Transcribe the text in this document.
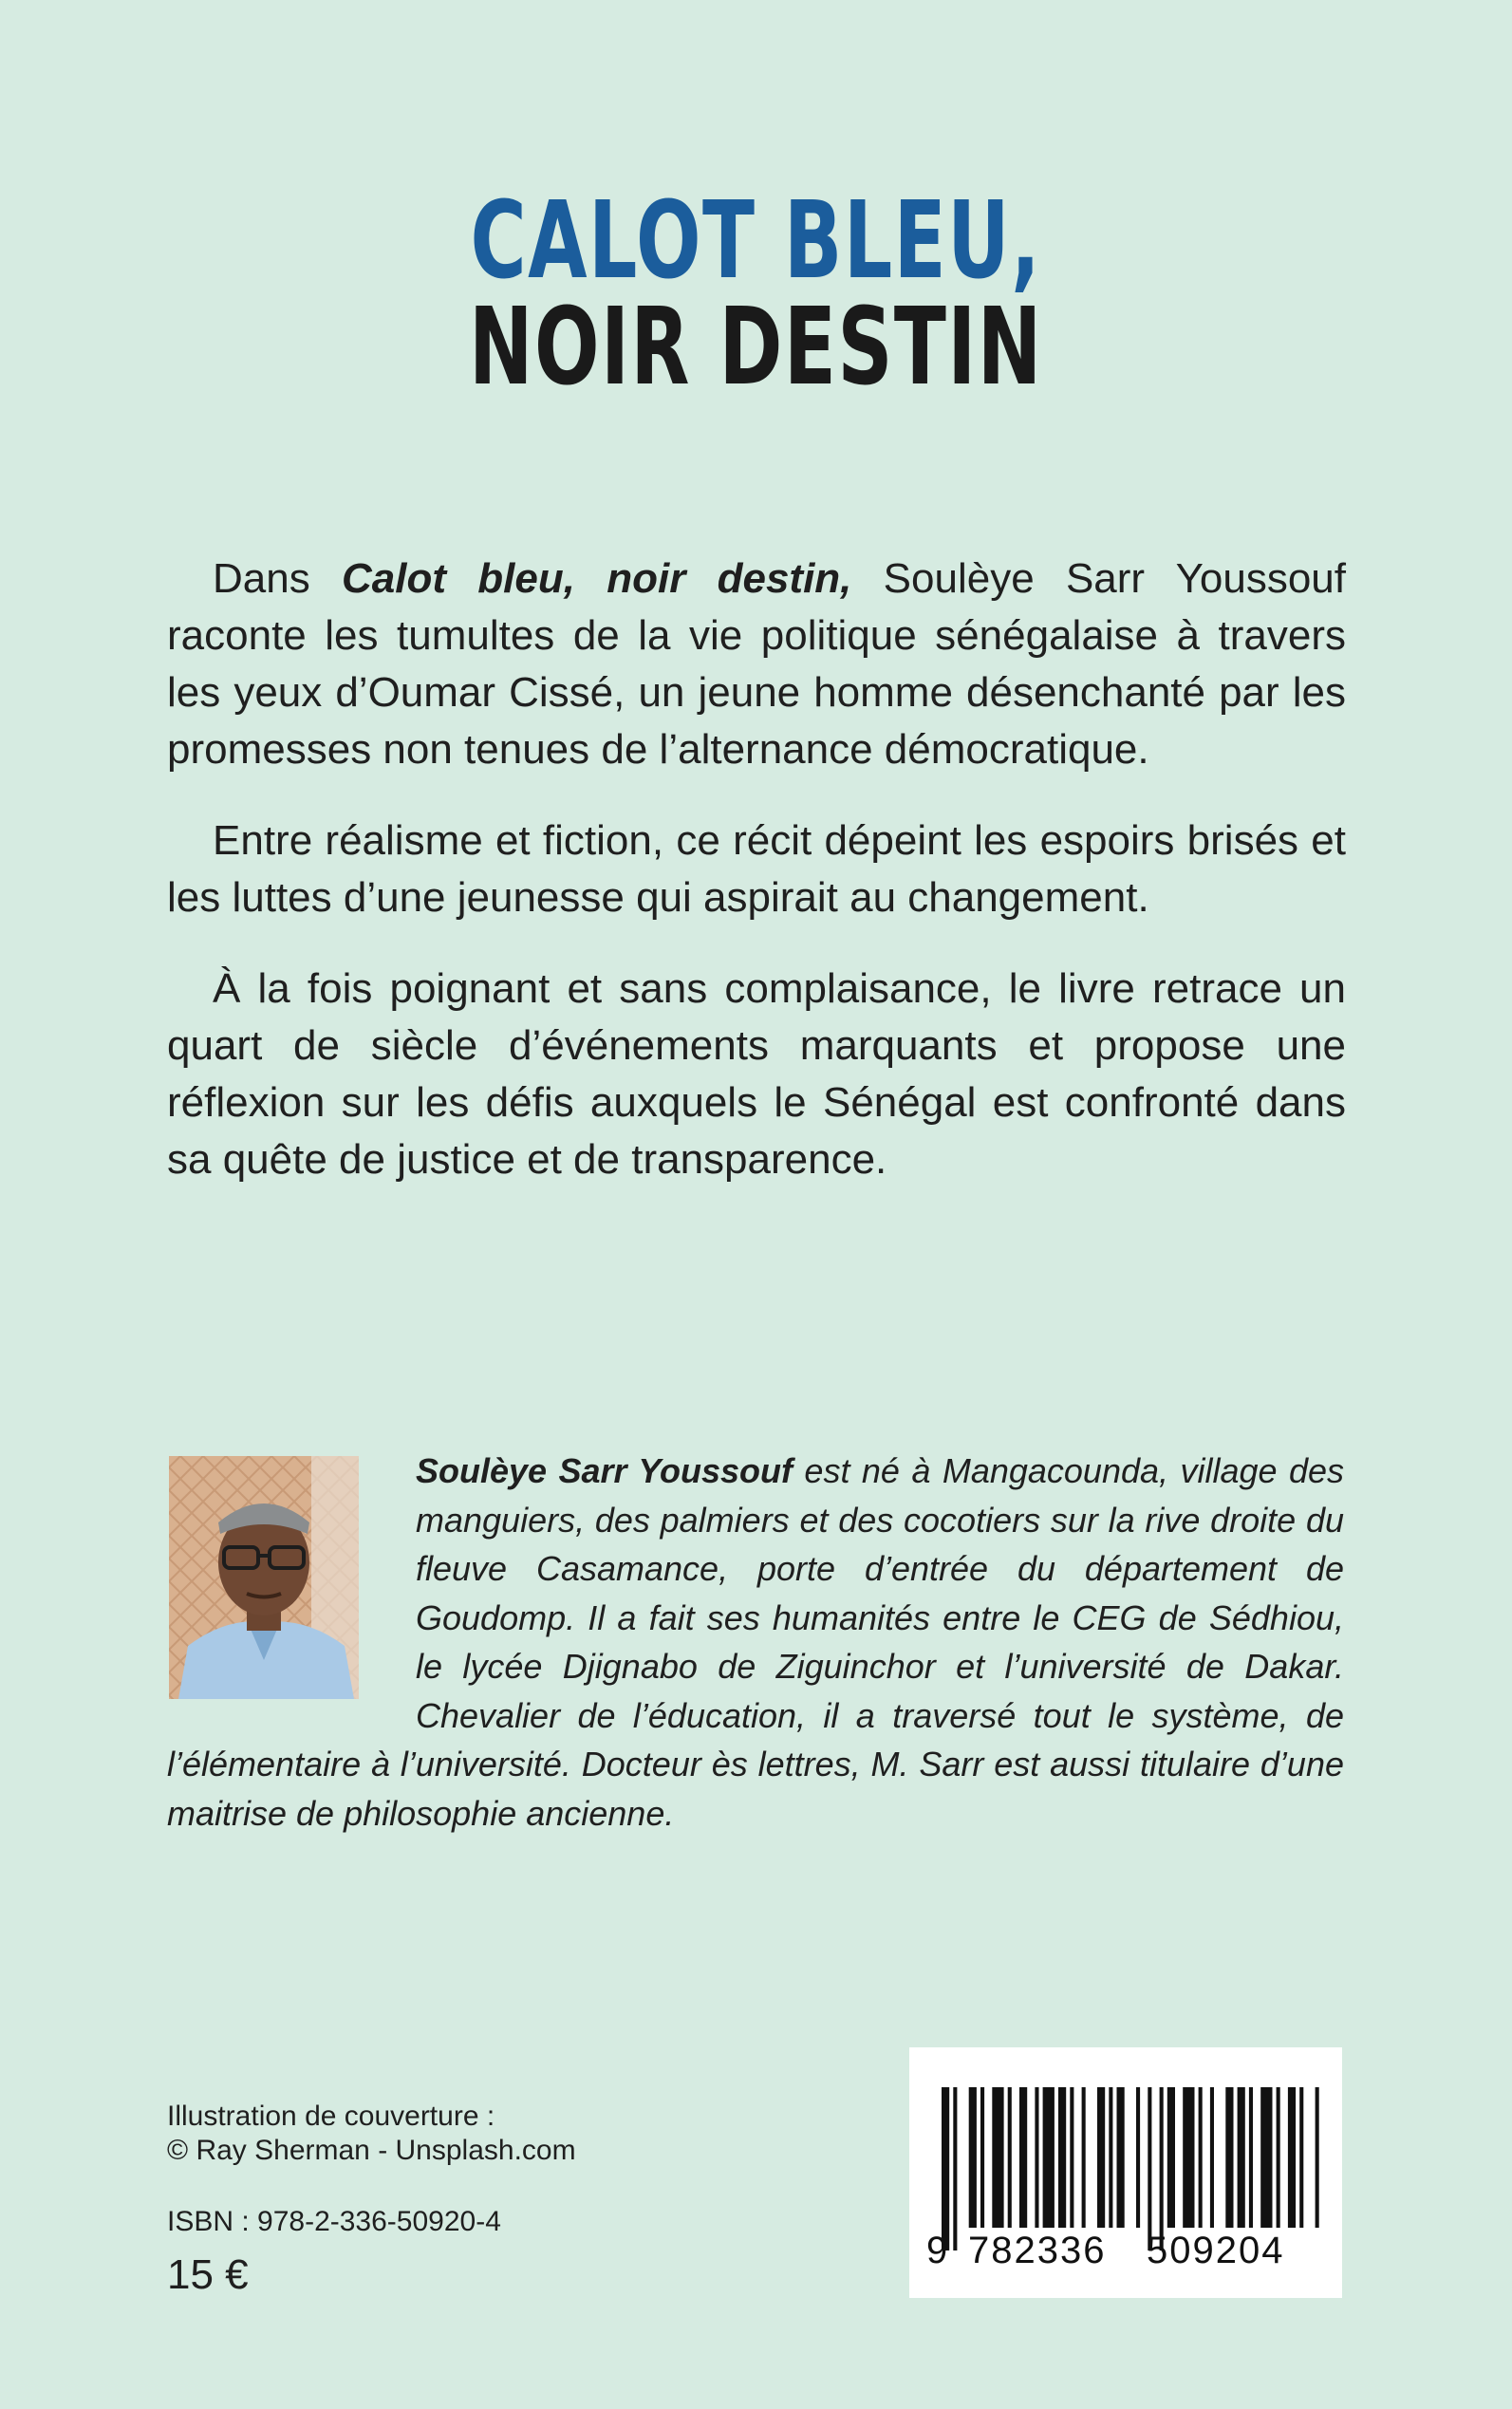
CALOT BLEU,
NOIR DESTIN

Dans Calot bleu, noir destin, Soulèye Sarr Youssouf raconte les tumultes de la vie politique sénégalaise à travers les yeux d’Oumar Cissé, un jeune homme désenchanté par les promesses non tenues de l’alternance démocratique.

Entre réalisme et fiction, ce récit dépeint les espoirs brisés et les luttes d’une jeunesse qui aspirait au changement.

À la fois poignant et sans complaisance, le livre retrace un quart de siècle d’événements marquants et propose une réflexion sur les défis auxquels le Sénégal est confronté dans sa quête de justice et de transparence.

Soulèye Sarr Youssouf est né à Mangacounda, village des manguiers, des palmiers et des cocotiers sur la rive droite du fleuve Casamance, porte d’entrée du département de Goudomp. Il a fait ses humanités entre le CEG de Sédhiou, le lycée Djignabo de Ziguinchor et l’université de Dakar. Chevalier de l’éducation, il a traversé tout le système, de l’élémentaire à l’université. Docteur ès lettres, M. Sarr est aussi titulaire d’une maitrise de philosophie ancienne.
Illustration de couverture :
© Ray Sherman - Unsplash.com
ISBN : 978-2-336-50920-4
15 €
9 782336 509204
